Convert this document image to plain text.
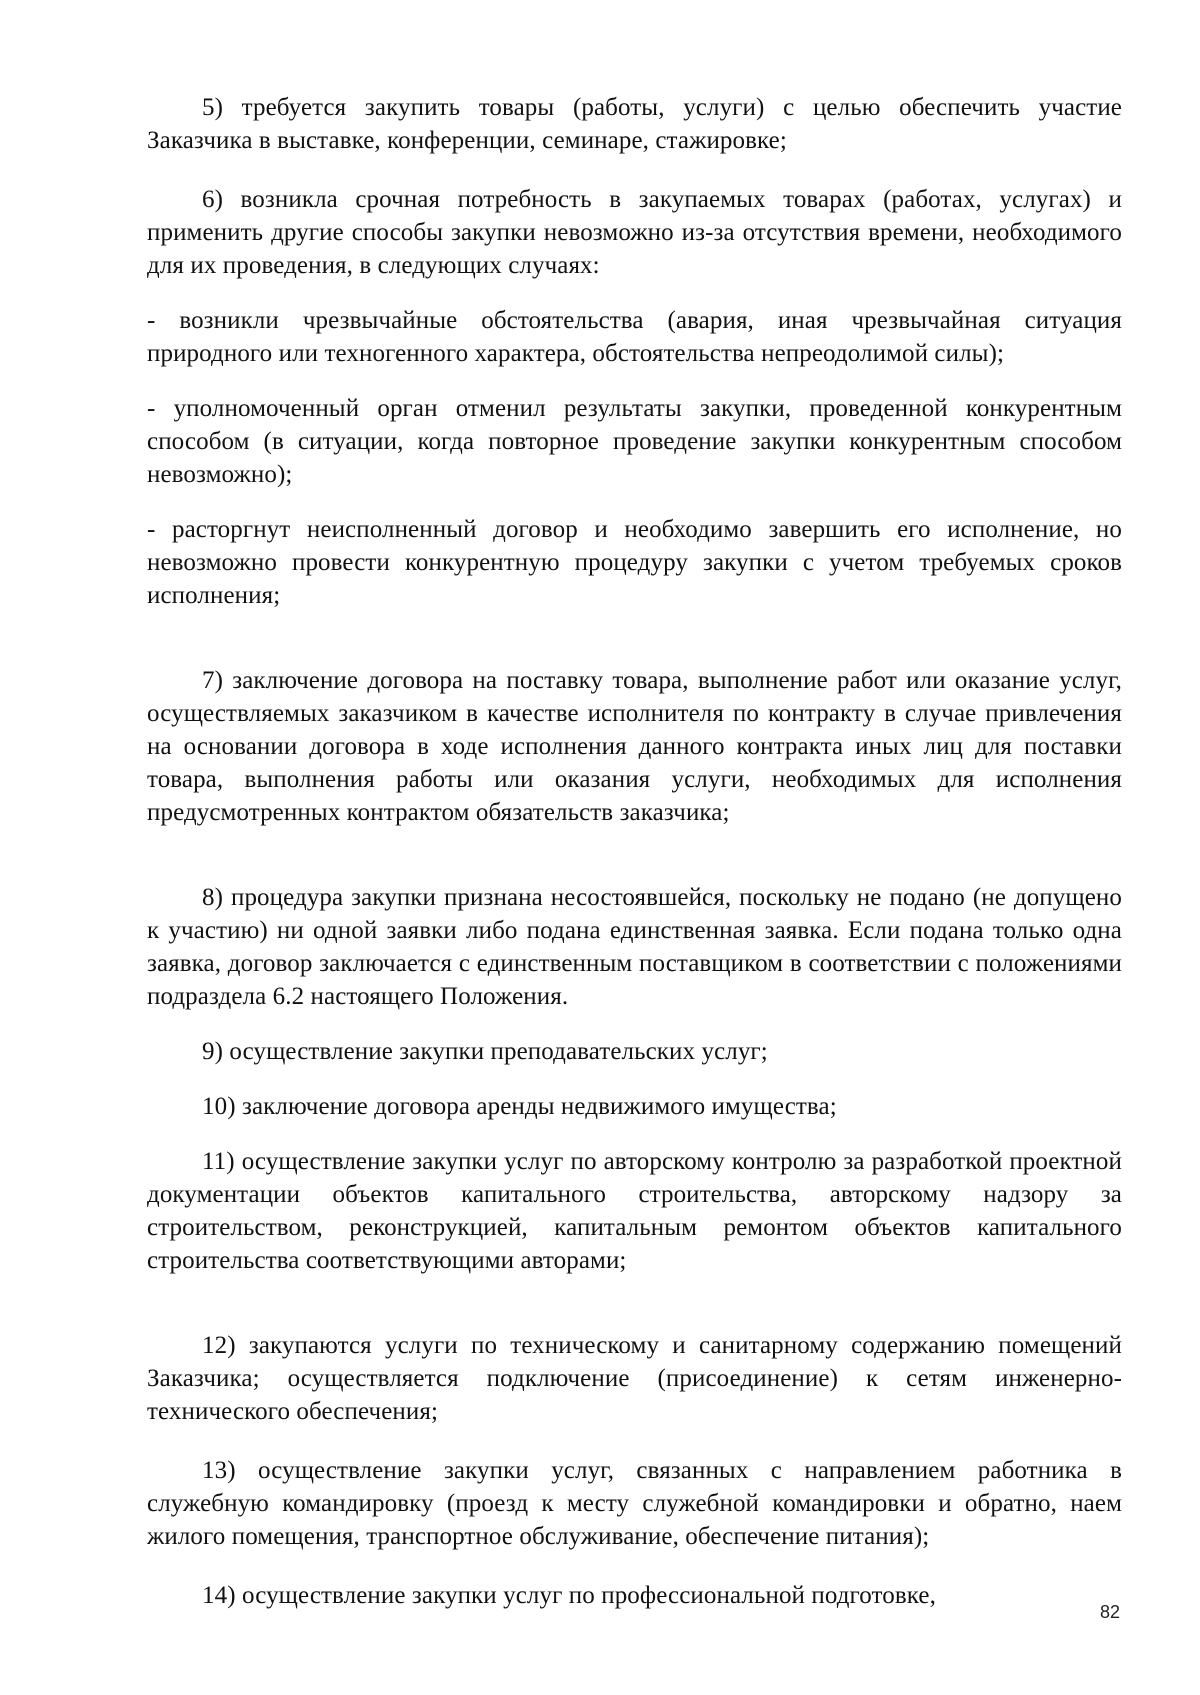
5) требуется закупить товары (работы, услуги) с целью обеспечить участие Заказчика в выставке, конференции, семинаре, стажировке;

6) возникла срочная потребность в закупаемых товарах (работах, услугах) и применить другие способы закупки невозможно из-за отсутствия времени, необходимого для их проведения, в следующих случаях:

- возникли чрезвычайные обстоятельства (авария, иная чрезвычайная ситуация природного или техногенного характера, обстоятельства непреодолимой силы);

- уполномоченный орган отменил результаты закупки, проведенной конкурентным способом (в ситуации, когда повторное проведение закупки конкурентным способом невозможно);

- расторгнут неисполненный договор и необходимо завершить его исполнение, но невозможно провести конкурентную процедуру закупки с учетом требуемых сроков исполнения;

7) заключение договора на поставку товара, выполнение работ или оказание услуг, осуществляемых заказчиком в качестве исполнителя по контракту в случае привлечения на основании договора в ходе исполнения данного контракта иных лиц для поставки товара, выполнения работы или оказания услуги, необходимых для исполнения предусмотренных контрактом обязательств заказчика;

8) процедура закупки признана несостоявшейся, поскольку не подано (не допущено к участию) ни одной заявки либо подана единственная заявка. Если подана только одна заявка, договор заключается с единственным поставщиком в соответствии с положениями подраздела 6.2 настоящего Положения.

9) осуществление закупки преподавательских услуг;

10) заключение договора аренды недвижимого имущества;

11) осуществление закупки услуг по авторскому контролю за разработкой проектной документации объектов капитального строительства, авторскому надзору за строительством, реконструкцией, капитальным ремонтом объектов капитального строительства соответствующими авторами;

12) закупаются услуги по техническому и санитарному содержанию помещений Заказчика; осуществляется подключение (присоединение) к сетям инженерно-технического обеспечения;

13) осуществление закупки услуг, связанных с направлением работника в служебную командировку (проезд к месту служебной командировки и обратно, наем жилого помещения, транспортное обслуживание, обеспечение питания);

14) осуществление закупки услуг по профессиональной подготовке,

82
